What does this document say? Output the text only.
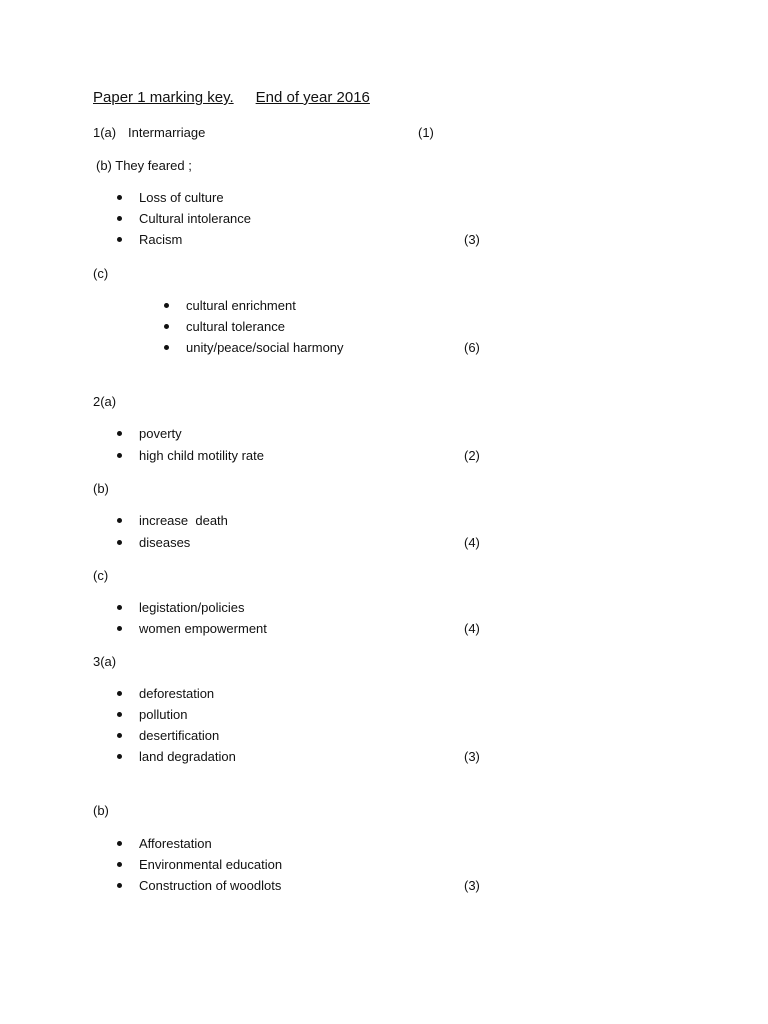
Paper 1 marking key. End of year 2016
1(a) Intermarriage	(1)
(b) They feared ;
Loss of culture
Cultural intolerance
Racism	(3)
(c)
cultural enrichment
cultural tolerance
unity/peace/social harmony	(6)
2(a)
poverty
high child motility rate	(2)
(b)
increase  death
diseases	(4)
(c)
legistation/policies
women empowerment	(4)
3(a)
deforestation
pollution
desertification
land degradation	(3)
(b)
Afforestation
Environmental education
Construction of woodlots	(3)
